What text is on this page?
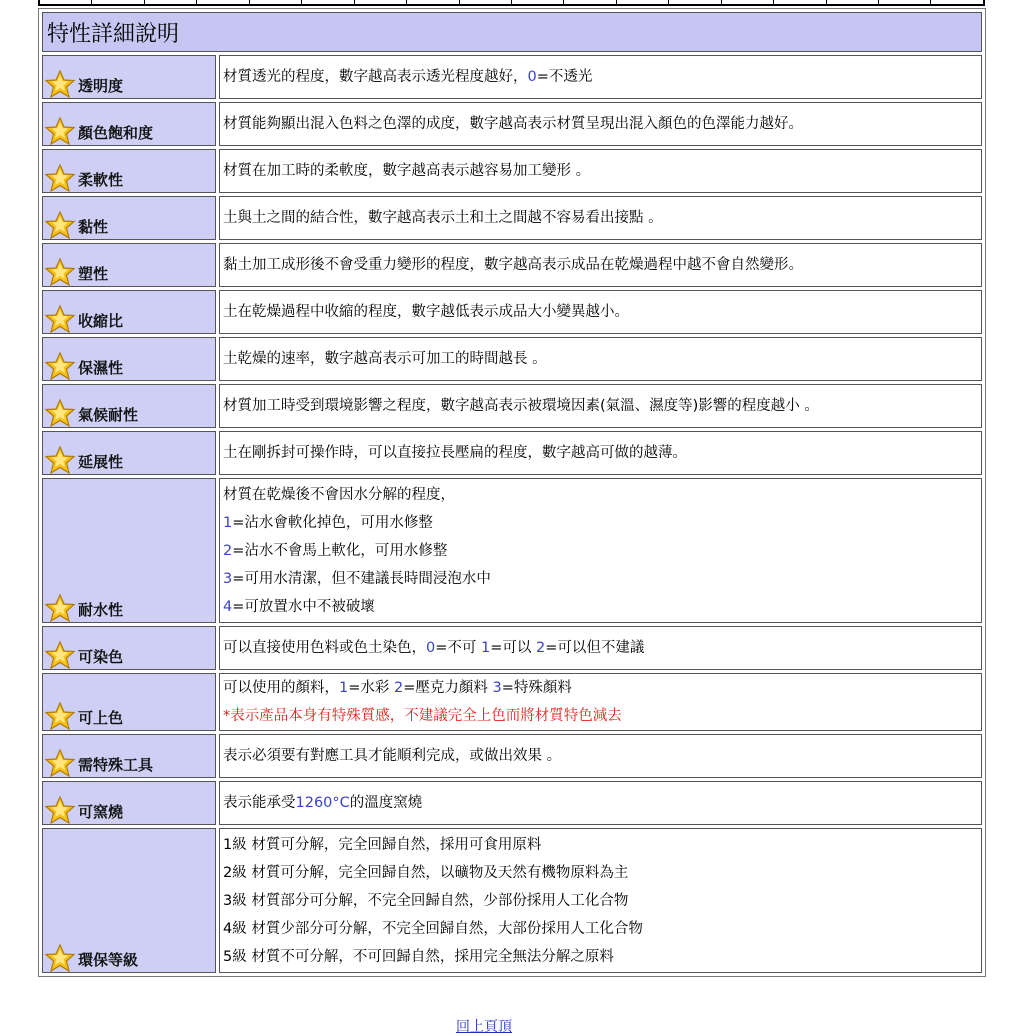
特性詳細說明	

透明度	材質透光的程度，數字越高表示透光程度越好，0=不透光

顏色飽和度	材質能夠顯出混入色料之色澤的成度，數字越高表示材質呈現出混入顏色的色澤能力越好。

柔軟性	材質在加工時的柔軟度，數字越高表示越容易加工變形 。

黏性	土與土之間的結合性，數字越高表示土和土之間越不容易看出接點 。

塑性	黏土加工成形後不會受重力變形的程度，數字越高表示成品在乾燥過程中越不會自然變形。

收縮比	土在乾燥過程中收縮的程度，數字越低表示成品大小變異越小。

保濕性	土乾燥的速率，數字越高表示可加工的時間越長 。

氣候耐性	材質加工時受到環境影響之程度，數字越高表示被環境因素(氣溫、濕度等)影響的程度越小 。

延展性	土在剛拆封可操作時，可以直接拉長壓扁的程度，數字越高可做的越薄。

耐水性	材質在乾燥後不會因水分解的程度，
1=沾水會軟化掉色，可用水修整
2=沾水不會馬上軟化，可用水修整
3=可用水清潔，但不建議長時間浸泡水中
4=可放置水中不被破壞

可染色	可以直接使用色料或色土染色，0=不可 1=可以 2=可以但不建議

可上色	可以使用的顏料，1=水彩 2=壓克力顏料 3=特殊顏料
*表示產品本身有特殊質感，不建議完全上色而將材質特色減去

需特殊工具	表示必須要有對應工具才能順利完成，或做出效果 。

可窯燒	表示能承受1260°C的溫度窯燒

環保等級	1級 材質可分解，完全回歸自然，採用可食用原料
2級 材質可分解，完全回歸自然，以礦物及天然有機物原料為主
3級 材質部分可分解，不完全回歸自然，少部份採用人工化合物
4級 材質少部分可分解，不完全回歸自然，大部份採用人工化合物
5級 材質不可分解，不可回歸自然，採用完全無法分解之原料
回上頁頂
